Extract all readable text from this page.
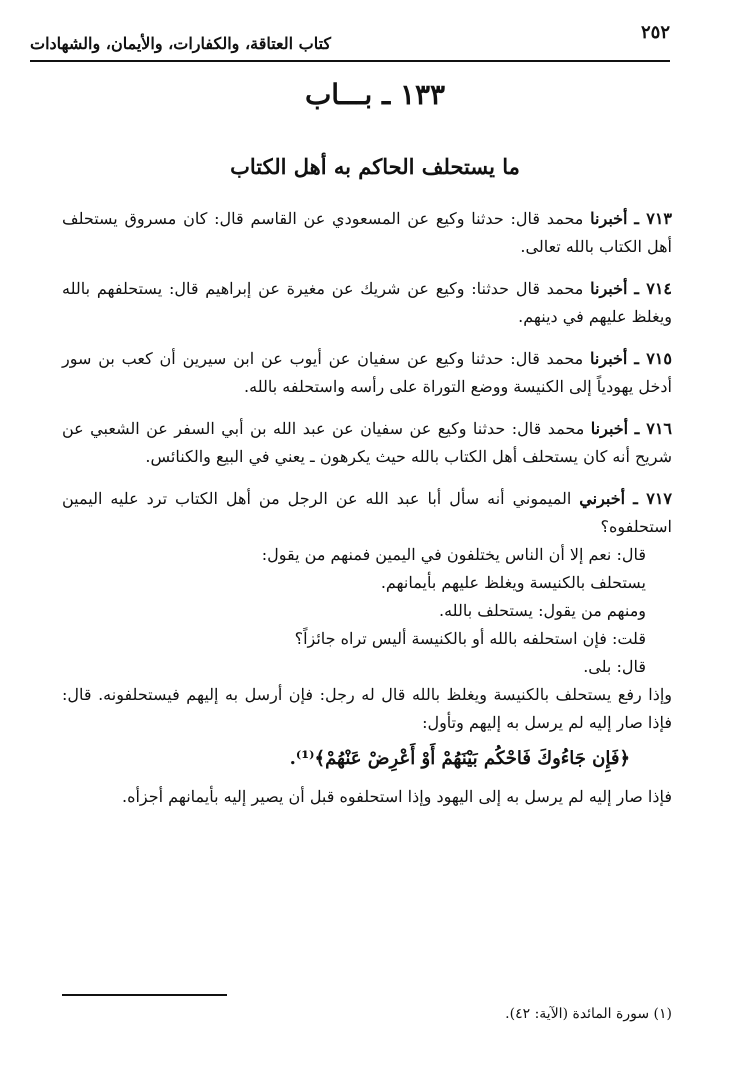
٢٥٢
كتاب العتاقة، والكفارات، والأيمان، والشهادات
١٣٣ ـ بـــاب
ما يستحلف الحاكم به أهل الكتاب

٧١٣ ـ أخبرنا محمد قال: حدثنا وكيع عن المسعودي عن القاسم قال: كان مسروق يستحلف أهل الكتاب بالله تعالى.

٧١٤ ـ أخبرنا محمد قال حدثنا: وكيع عن شريك عن مغيرة عن إبراهيم قال: يستحلفهم بالله ويغلظ عليهم في دينهم.

٧١٥ ـ أخبرنا محمد قال: حدثنا وكيع عن سفيان عن أيوب عن ابن سيرين أن كعب بن سور أدخل يهودياً إلى الكنيسة ووضع التوراة على رأسه واستحلفه بالله.

٧١٦ ـ أخبرنا محمد قال: حدثنا وكيع عن سفيان عن عبد الله بن أبي السفر عن الشعبي عن شريح أنه كان يستحلف أهل الكتاب بالله حيث يكرهون ـ يعني في البيع والكنائس.

٧١٧ ـ أخبرني الميموني أنه سأل أبا عبد الله عن الرجل من أهل الكتاب ترد عليه اليمين استحلفوه؟
قال: نعم إلا أن الناس يختلفون في اليمين فمنهم من يقول:
يستحلف بالكنيسة ويغلظ عليهم بأيمانهم.
ومنهم من يقول: يستحلف بالله.
قلت: فإن استحلفه بالله أو بالكنيسة أليس تراه جائزاً؟
قال: بلى.
وإذا رفع يستحلف بالكنيسة ويغلظ بالله قال له رجل: فإن أرسل به إليهم فيستحلفونه. قال: فإذا صار إليه لم يرسل به إليهم وتأول:
﴿فَإِن جَاءُوكَ فَاحْكُم بَيْنَهُمْ أَوْ أَعْرِضْ عَنْهُمْ﴾⁽¹⁾.
فإذا صار إليه لم يرسل به إلى اليهود وإذا استحلفوه قبل أن يصير إليه بأيمانهم أجزأه.
(١) سورة المائدة (الآية: ٤٢).
